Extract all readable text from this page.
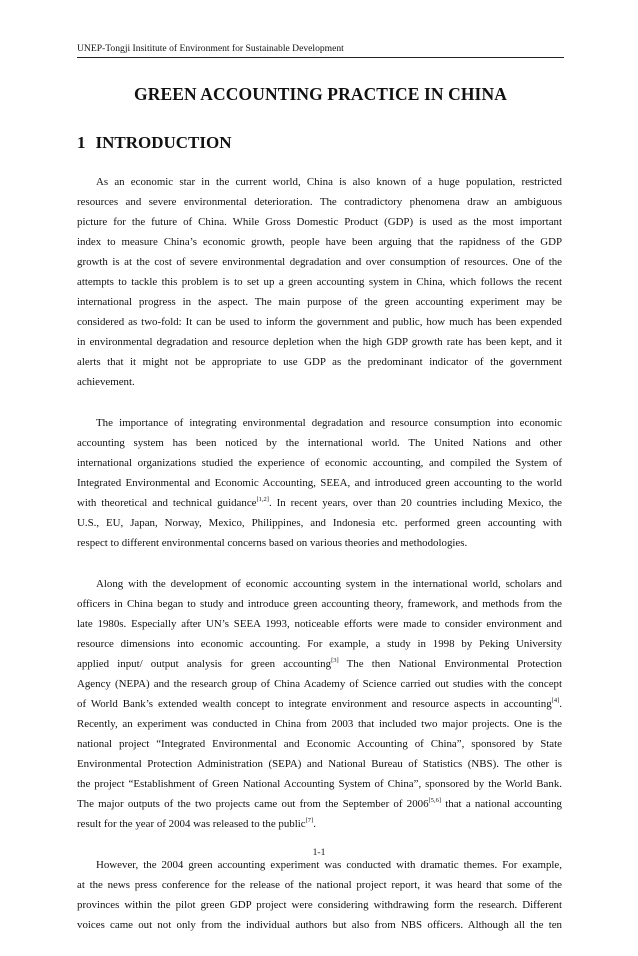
UNEP-Tongji Insititute of Environment for Sustainable Development
GREEN ACCOUNTING PRACTICE IN CHINA
1 INTRODUCTION
As an economic star in the current world, China is also known of a huge population, restricted
resources and severe environmental deterioration. The contradictory phenomena draw an ambiguous
picture for the future of China. While Gross Domestic Product (GDP) is used as the most important
index to measure China’s economic growth, people have been arguing that the rapidness of the GDP
growth is at the cost of severe environmental degradation and over consumption of resources. One of the
attempts to tackle this problem is to set up a green accounting system in China, which follows the recent
international progress in the aspect. The main purpose of the green accounting experiment may be
considered as two-fold: It can be used to inform the government and public, how much has been expended
in environmental degradation and resource depletion when the high GDP growth rate has been kept, and it
alerts that it might not be appropriate to use GDP as the predominant indicator of the government
achievement.
The importance of integrating environmental degradation and resource consumption into economic
accounting system has been noticed by the international world. The United Nations and other
international organizations studied the experience of economic accounting, and compiled the System of
Integrated Environmental and Economic Accounting, SEEA, and introduced green accounting to the world
with theoretical and technical guidance[1,2]. In recent years, over than 20 countries including Mexico, the
U.S., EU, Japan, Norway, Mexico, Philippines, and Indonesia etc. performed green accounting with
respect to different environmental concerns based on various theories and methodologies.
Along with the development of economic accounting system in the international world, scholars and
officers in China began to study and introduce green accounting theory, framework, and methods from the
late 1980s. Especially after UN’s SEEA 1993, noticeable efforts were made to consider environment and
resource dimensions into economic accounting. For example, a study in 1998 by Peking University
applied input/ output analysis for green accounting[3] The then National Environmental Protection
Agency (NEPA) and the research group of China Academy of Science carried out studies with the concept
of World Bank’s extended wealth concept to integrate environment and resource aspects in accounting[4].
Recently, an experiment was conducted in China from 2003 that included two major projects. One is the
national project “Integrated Environmental and Economic Accounting of China”, sponsored by State
Environmental Protection Administration (SEPA) and National Bureau of Statistics (NBS). The other is
the project “Establishment of Green National Accounting System of China”, sponsored by the World Bank.
The major outputs of the two projects came out from the September of 2006[5,6] that a national accounting
result for the year of 2004 was released to the public[7].
However, the 2004 green accounting experiment was conducted with dramatic themes. For example,
at the news press conference for the release of the national project report, it was heard that some of the
provinces within the pilot green GDP project were considering withdrawing form the research. Different
voices came out not only from the individual authors but also from NBS officers. Although all the ten
1-1
